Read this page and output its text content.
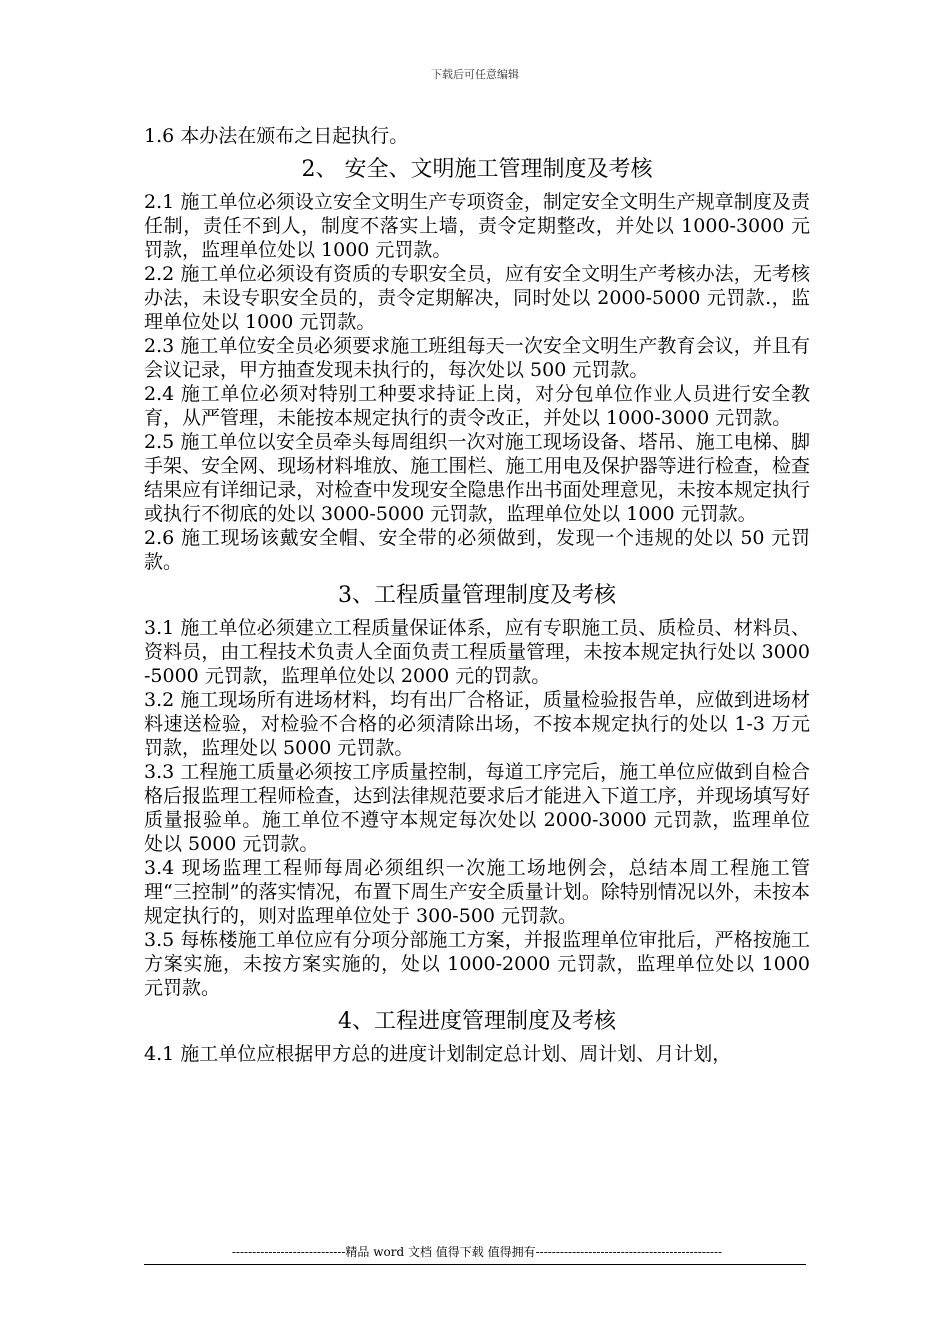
下载后可任意编辑

1.6 本办法在颁布之日起执行。

2、 安全、文明施工管理制度及考核

2.1 施工单位必须设立安全文明生产专项资金，制定安全文明生产规章制度及责任制，责任不到人，制度不落实上墙，责令定期整改，并处以 1000-3000 元罚款，监理单位处以 1000 元罚款。

2.2 施工单位必须设有资质的专职安全员，应有安全文明生产考核办法，无考核办法，未设专职安全员的，责令定期解决，同时处以 2000-5000 元罚款.，监理单位处以 1000 元罚款。

2.3 施工单位安全员必须要求施工班组每天一次安全文明生产教育会议，并且有会议记录，甲方抽查发现未执行的，每次处以 500 元罚款。

2.4 施工单位必须对特别工种要求持证上岗，对分包单位作业人员进行安全教育，从严管理，未能按本规定执行的责令改正，并处以 1000-3000 元罚款。

2.5 施工单位以安全员牵头每周组织一次对施工现场设备、塔吊、施工电梯、脚手架、安全网、现场材料堆放、施工围栏、施工用电及保护器等进行检查，检查结果应有详细记录，对检查中发现安全隐患作出书面处理意见，未按本规定执行或执行不彻底的处以 3000-5000 元罚款，监理单位处以 1000 元罚款。

2.6 施工现场该戴安全帽、安全带的必须做到，发现一个违规的处以 50 元罚款。

3、工程质量管理制度及考核

3.1 施工单位必须建立工程质量保证体系，应有专职施工员、质检员、材料员、资料员，由工程技术负责人全面负责工程质量管理，未按本规定执行处以 3000-5000 元罚款，监理单位处以 2000 元的罚款。

3.2 施工现场所有进场材料，均有出厂合格证，质量检验报告单，应做到进场材料速送检验，对检验不合格的必须清除出场，不按本规定执行的处以 1-3 万元罚款，监理处以 5000 元罚款。

3.3 工程施工质量必须按工序质量控制，每道工序完后，施工单位应做到自检合格后报监理工程师检查，达到法律规范要求后才能进入下道工序，并现场填写好质量报验单。施工单位不遵守本规定每次处以 2000-3000 元罚款，监理单位处以 5000 元罚款。

3.4 现场监理工程师每周必须组织一次施工场地例会，总结本周工程施工管理“三控制”的落实情况，布置下周生产安全质量计划。除特别情况以外，未按本规定执行的，则对监理单位处于 300-500 元罚款。

3.5 每栋楼施工单位应有分项分部施工方案，并报监理单位审批后，严格按施工方案实施，未按方案实施的，处以 1000-2000 元罚款，监理单位处以 1000 元罚款。

4、工程进度管理制度及考核

4.1 施工单位应根据甲方总的进度计划制定总计划、周计划、月计划，

----------------------------精品 word 文档 值得下载 值得拥有----------------------------------------------
